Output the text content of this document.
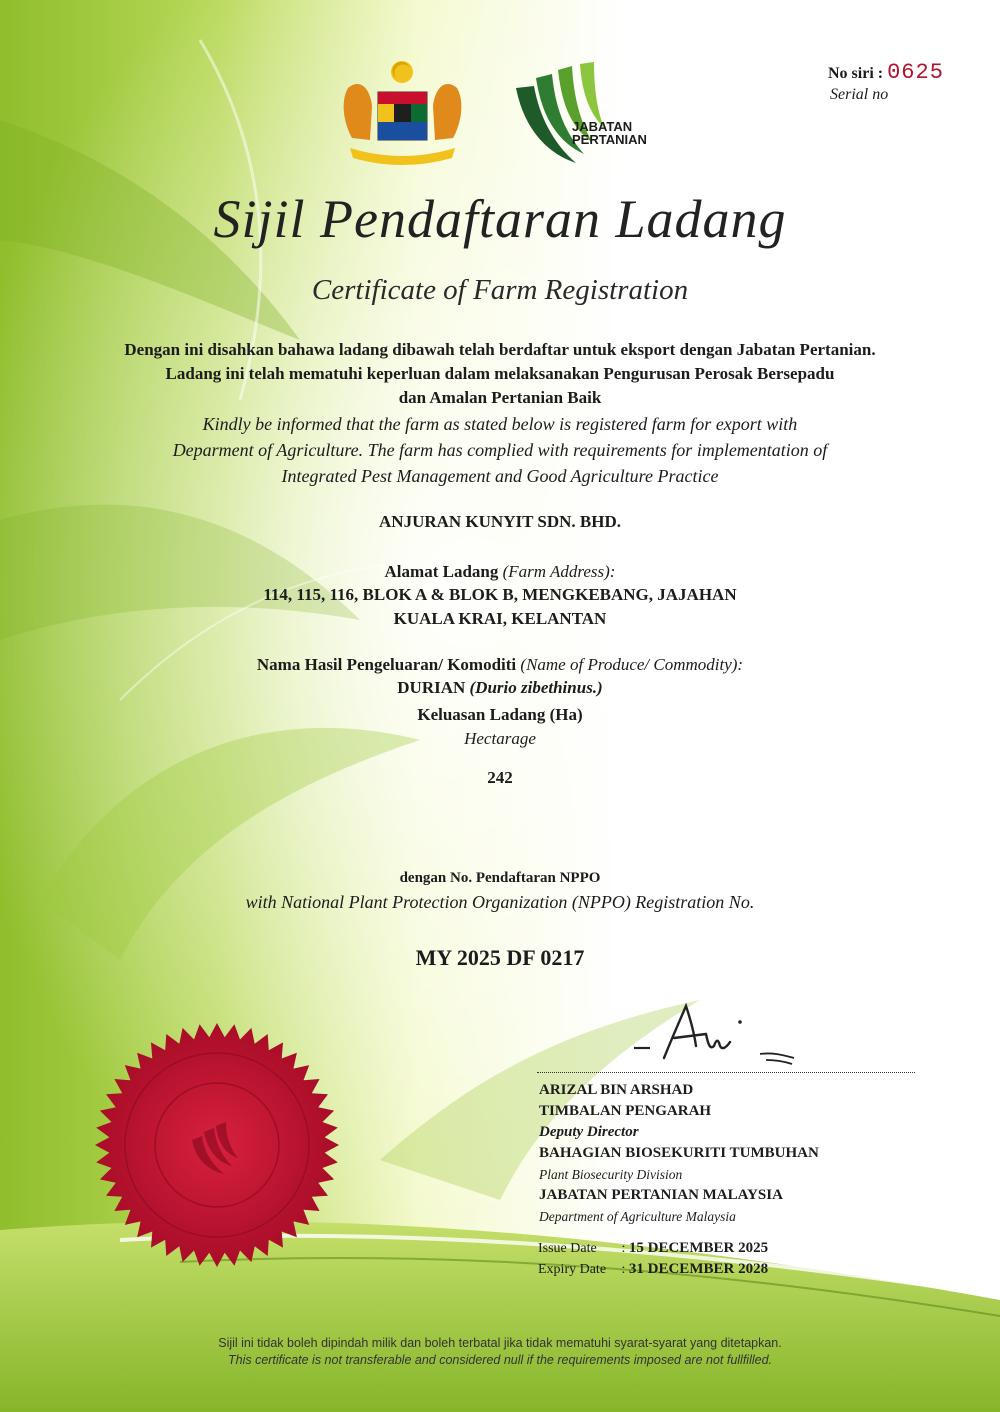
JABATAN
PERTANIAN
No siri : 0625
Serial no
Sijil Pendaftaran Ladang
Certificate of Farm Registration
Dengan ini disahkan bahawa ladang dibawah telah berdaftar untuk eksport dengan Jabatan Pertanian.
Ladang ini telah mematuhi keperluan dalam melaksanakan Pengurusan Perosak Bersepadu
dan Amalan Pertanian Baik
Kindly be informed that the farm as stated below is registered farm for export with
Deparment of Agriculture. The farm has complied with requirements for implementation of
Integrated Pest Management and Good Agriculture Practice
ANJURAN KUNYIT SDN. BHD.
Alamat Ladang (Farm Address):
114, 115, 116, BLOK A & BLOK B, MENGKEBANG, JAJAHAN
KUALA KRAI, KELANTAN
Nama Hasil Pengeluaran/ Komoditi (Name of Produce/ Commodity):
DURIAN (Durio zibethinus.)
Keluasan Ladang (Ha)
Hectarage
242
dengan No. Pendaftaran NPPO
with National Plant Protection Organization (NPPO) Registration No.
MY 2025 DF 0217
ARIZAL BIN ARSHAD
TIMBALAN PENGARAH
Deputy Director
BAHAGIAN BIOSEKURITI TUMBUHAN
Plant Biosecurity Division
JABATAN PERTANIAN MALAYSIA
Department of Agriculture Malaysia
Issue Date : 15 DECEMBER 2025
Expiry Date : 31 DECEMBER 2028
Sijil ini tidak boleh dipindah milik dan boleh terbatal jika tidak mematuhi syarat-syarat yang ditetapkan.
This certificate is not transferable and considered null if the requirements imposed are not fullfilled.
